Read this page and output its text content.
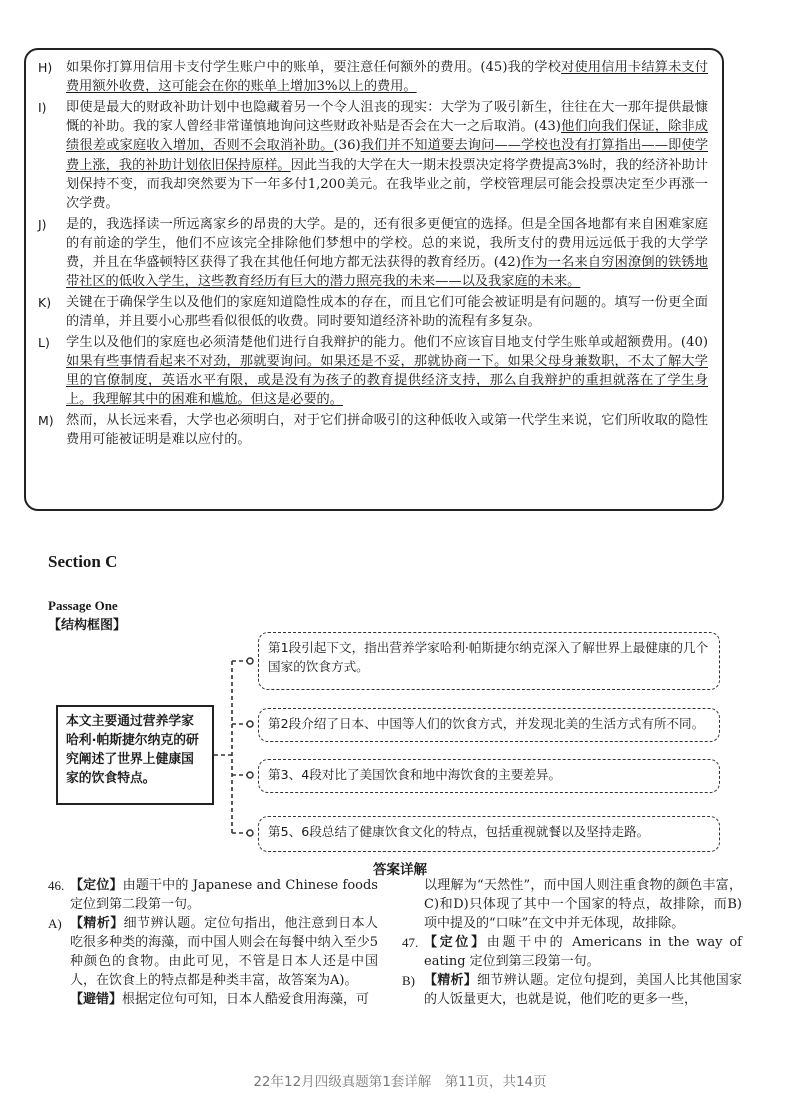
H)	如果你打算用信用卡支付学生账户中的账单，要注意任何额外的费用。(45)我的学校对使用信用卡结算未支付费用额外收费，这可能会在你的账单上增加3%以上的费用。
I)	即使是最大的财政补助计划中也隐藏着另一个令人沮丧的现实：大学为了吸引新生，往往在大一那年提供最慷慨的补助。我的家人曾经非常谨慎地询问这些财政补贴是否会在大一之后取消。(43)他们向我们保证，除非成绩很差或家庭收入增加，否则不会取消补助。(36)我们并不知道要去询问——学校也没有打算指出——即使学费上涨，我的补助计划依旧保持原样。因此当我的大学在大一期末投票决定将学费提高3%时，我的经济补助计划保持不变，而我却突然要为下一年多付1,200美元。在我毕业之前，学校管理层可能会投票决定至少再涨一次学费。
J)	是的，我选择读一所远离家乡的昂贵的大学。是的，还有很多更便宜的选择。但是全国各地都有来自困难家庭的有前途的学生，他们不应该完全排除他们梦想中的学校。总的来说，我所支付的费用远远低于我的大学学费，并且在华盛顿特区获得了我在其他任何地方都无法获得的教育经历。(42)作为一名来自穷困潦倒的铁锈地带社区的低收入学生，这些教育经历有巨大的潜力照亮我的未来——以及我家庭的未来。
K)	关键在于确保学生以及他们的家庭知道隐性成本的存在，而且它们可能会被证明是有问题的。填写一份更全面的清单，并且要小心那些看似很低的收费。同时要知道经济补助的流程有多复杂。
L)	学生以及他们的家庭也必须清楚他们进行自我辩护的能力。他们不应该盲目地支付学生账单或超额费用。(40)如果有些事情看起来不对劲，那就要询问。如果还是不妥，那就协商一下。如果父母身兼数职，不太了解大学里的官僚制度，英语水平有限，或是没有为孩子的教育提供经济支持，那么自我辩护的重担就落在了学生身上。我理解其中的困难和尴尬。但这是必要的。
M) 然而，从长远来看，大学也必须明白，对于它们拼命吸引的这种低收入或第一代学生来说，它们所收取的隐性费用可能被证明是难以应付的。
Section C
Passage One
【结构框图】
本文主要通过营养学家哈利·帕斯捷尔纳克的研究阐述了世界上健康国家的饮食特点。
第1段引起下文，指出营养学家哈利·帕斯捷尔纳克深入了解世界上最健康的几个国家的饮食方式。
第2段介绍了日本、中国等人们的饮食方式，并发现北美的生活方式有所不同。
第3、4段对比了美国饮食和地中海饮食的主要差异。
第5、6段总结了健康饮食文化的特点，包括重视就餐以及坚持走路。
答案详解
46. 【定位】由题干中的 Japanese and Chinese foods 定位到第二段第一句。
A) 【精析】细节辨认题。定位句指出，他注意到日本人吃很多种类的海藻，而中国人则会在每餐中纳入至少5种颜色的食物。由此可见，不管是日本人还是中国人，在饮食上的特点都是种类丰富，故答案为A)。
【避错】根据定位句可知，日本人酷爱食用海藻，可
以理解为“天然性”，而中国人则注重食物的颜色丰富，C)和D)只体现了其中一个国家的特点，故排除，而B)项中提及的“口味”在文中并无体现，故排除。
47. 【定位】由题干中的 Americans in the way of eating 定位到第三段第一句。
B) 【精析】细节辨认题。定位句提到，美国人比其他国家的人饭量更大，也就是说，他们吃的更多一些，
22年12月四级真题第1套详解　第11页，共14页
